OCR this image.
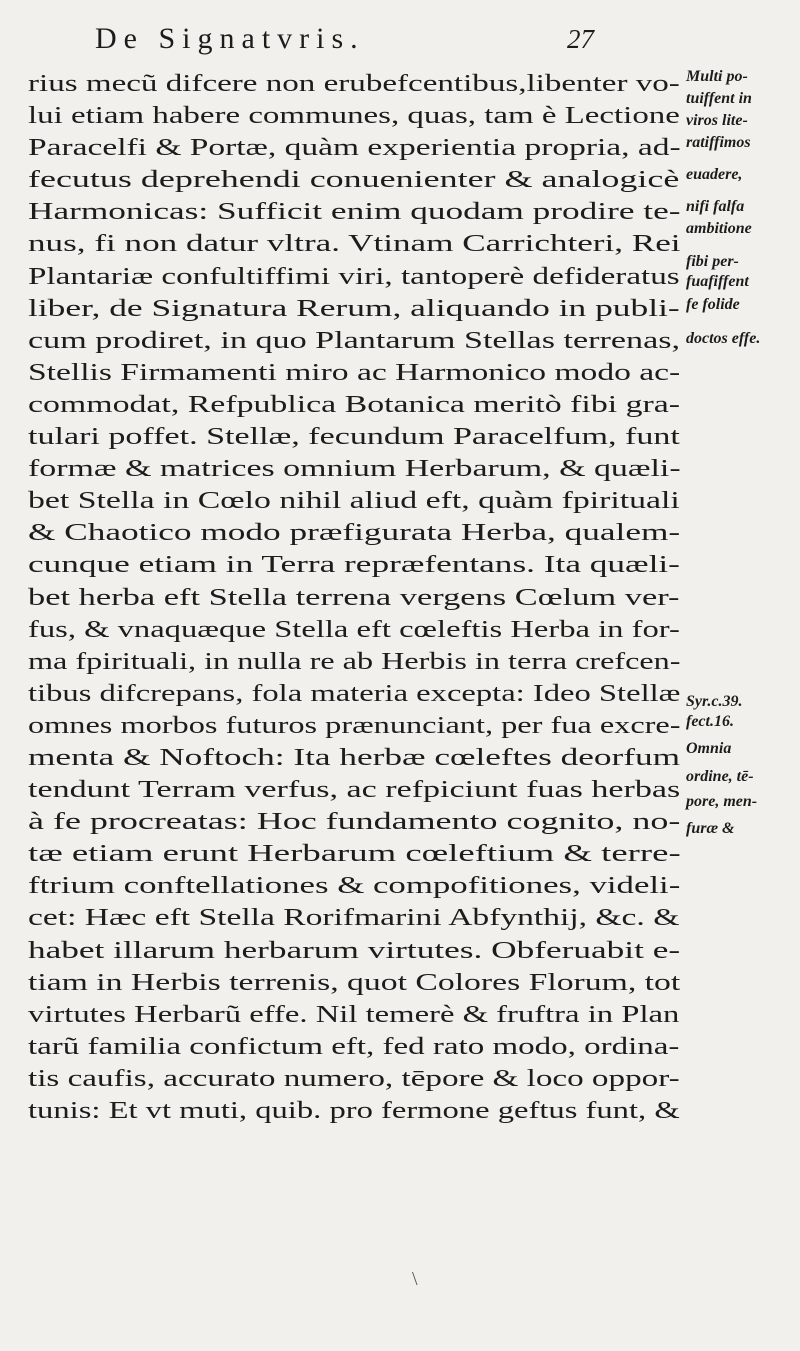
De Signatvris.	27
rius mecũ difcere non erubefcentibus,libenter vo-
lui etiam habere communes, quas, tam è Lectione
Paracelfi & Portæ, quàm experientia propria, ad-
fecutus deprehendi conuenienter & analogicè
Harmonicas: Sufficit enim quodam prodire te-
nus, fi non datur vltra. Vtinam Carrichteri, Rei
Plantariæ confultiffimi viri, tantoperè defideratus
liber, de Signatura Rerum, aliquando in publi-
cum prodiret, in quo Plantarum Stellas terrenas,
Stellis Firmamenti miro ac Harmonico modo ac-
commodat, Refpublica Botanica meritò fibi gra-
tulari poffet. Stellæ, fecundum Paracelfum, funt
formæ & matrices omnium Herbarum, & quæli-
bet Stella in Cœlo nihil aliud eft, quàm fpirituali
& Chaotico modo præfigurata Herba, qualem-
cunque etiam in Terra repræfentans. Ita quæli-
bet herba eft Stella terrena vergens Cœlum ver-
fus, & vnaquæque Stella eft cœleftis Herba in for-
ma fpirituali, in nulla re ab Herbis in terra crefcen-
tibus difcrepans, fola materia excepta: Ideo Stellæ
omnes morbos futuros prænunciant, per fua excre-
menta & Noftoch: Ita herbæ cœleftes deorfum
tendunt Terram verfus, ac refpiciunt fuas herbas
à fe procreatas: Hoc fundamento cognito, no-
tæ etiam erunt Herbarum cœleftium & terre-
ftrium conftellationes & compofitiones, videli-
cet: Hæc eft Stella Rorifmarini Abfynthij, &c. &
habet illarum herbarum virtutes. Obferuabit e-
tiam in Herbis terrenis, quot Colores Florum, tot
virtutes Herbarũ effe. Nil temerè & fruftra in Plan
tarũ familia confictum eft, fed rato modo, ordina-
tis caufis, accurato numero, tēpore & loco oppor-
tunis: Et vt muti, quib. pro fermone geftus funt, &
Multi po-
tuiffent in
viros lite-
ratiffimos
euadere,
nifi falfa
ambitione
fibi per-
fuafiffent
fe folide
doctos effe.
Syr.c.39.
fect.16.
Omnia
ordine, tē-
pore, men-
furæ &
\
